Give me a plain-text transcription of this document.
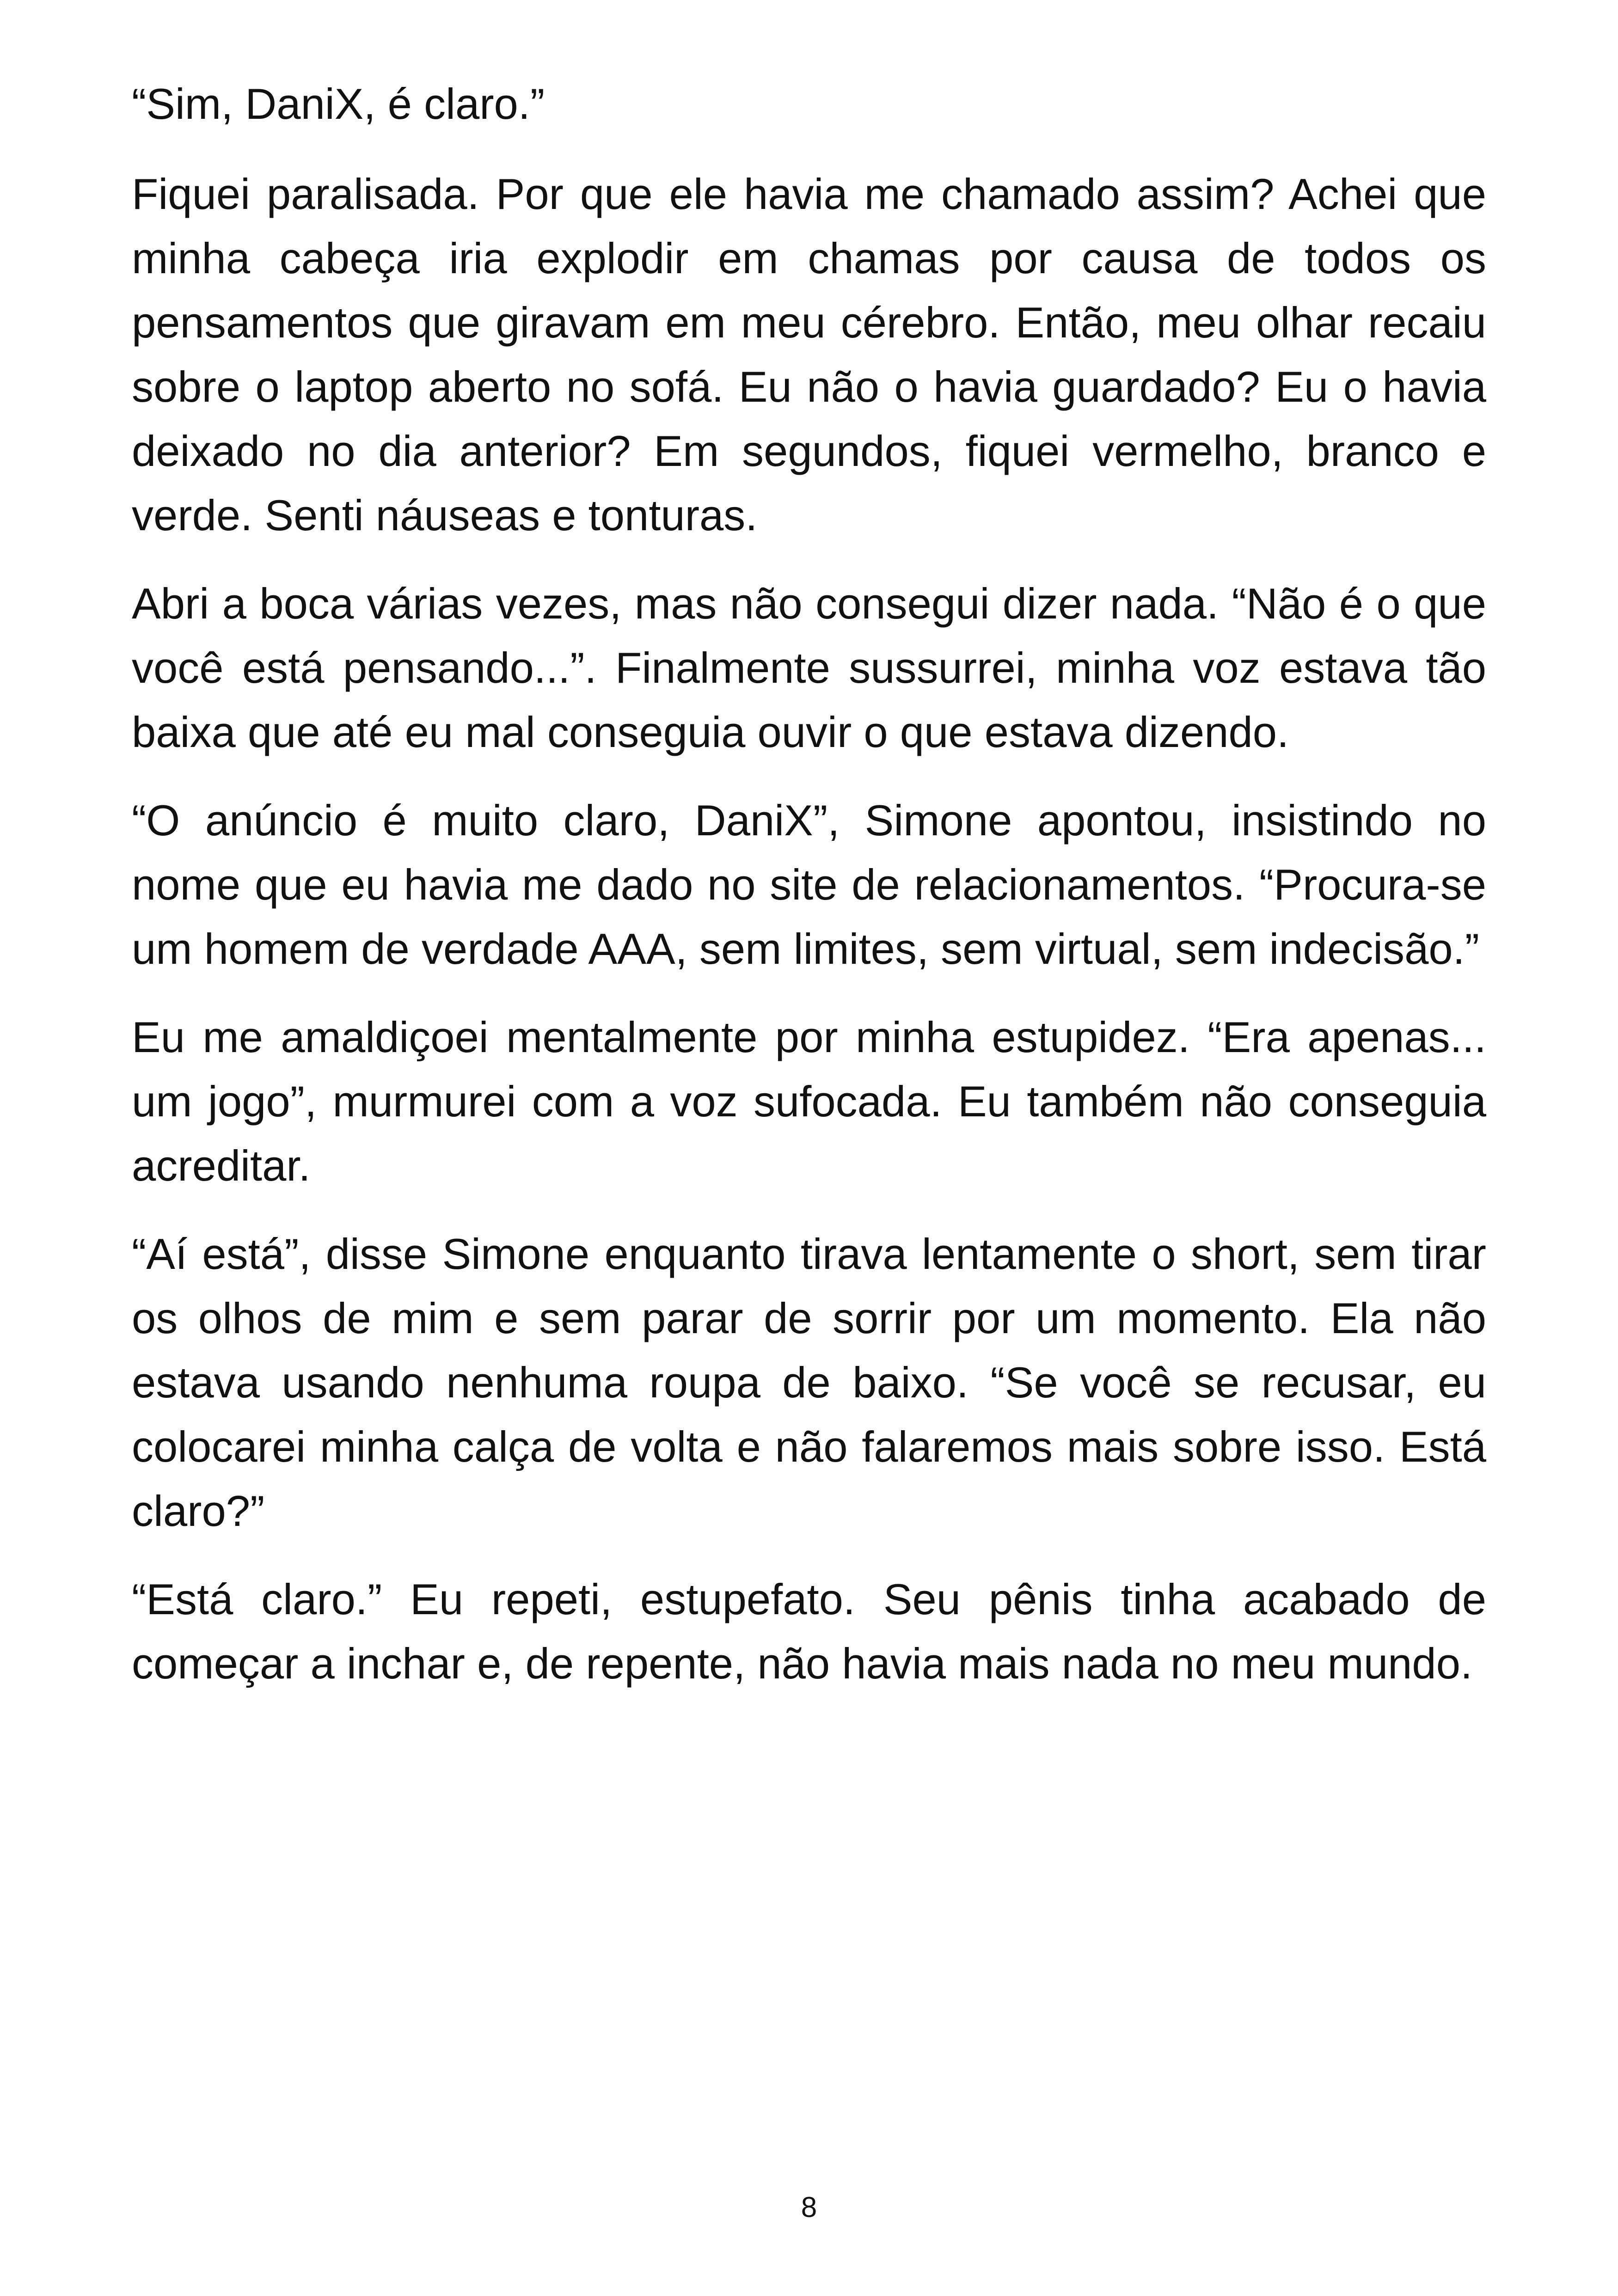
“Sim, DaniX, é claro.”

Fiquei paralisada. Por que ele havia me chamado assim? Achei que minha cabeça iria explodir em chamas por causa de todos os pensamentos que giravam em meu cérebro. Então, meu olhar recaiu sobre o laptop aberto no sofá. Eu não o havia guardado? Eu o havia deixado no dia anterior? Em segundos, fiquei vermelho, branco e verde. Senti náuseas e tonturas.

Abri a boca várias vezes, mas não consegui dizer nada. “Não é o que você está pensando...”. Finalmente sussurrei, minha voz estava tão baixa que até eu mal conseguia ouvir o que estava dizendo.

“O anúncio é muito claro, DaniX”, Simone apontou, insistindo no nome que eu havia me dado no site de relacionamentos. “Procura-se um homem de verdade AAA, sem limites, sem virtual, sem indecisão.”

Eu me amaldiçoei mentalmente por minha estupidez. “Era apenas... um jogo”, murmurei com a voz sufocada. Eu também não conseguia acreditar.

“Aí está”, disse Simone enquanto tirava lentamente o short, sem tirar os olhos de mim e sem parar de sorrir por um momento. Ela não estava usando nenhuma roupa de baixo. “Se você se recusar, eu colocarei minha calça de volta e não falaremos mais sobre isso. Está claro?”

“Está claro.” Eu repeti, estupefato. Seu pênis tinha acabado de começar a inchar e, de repente, não havia mais nada no meu mundo.

8
